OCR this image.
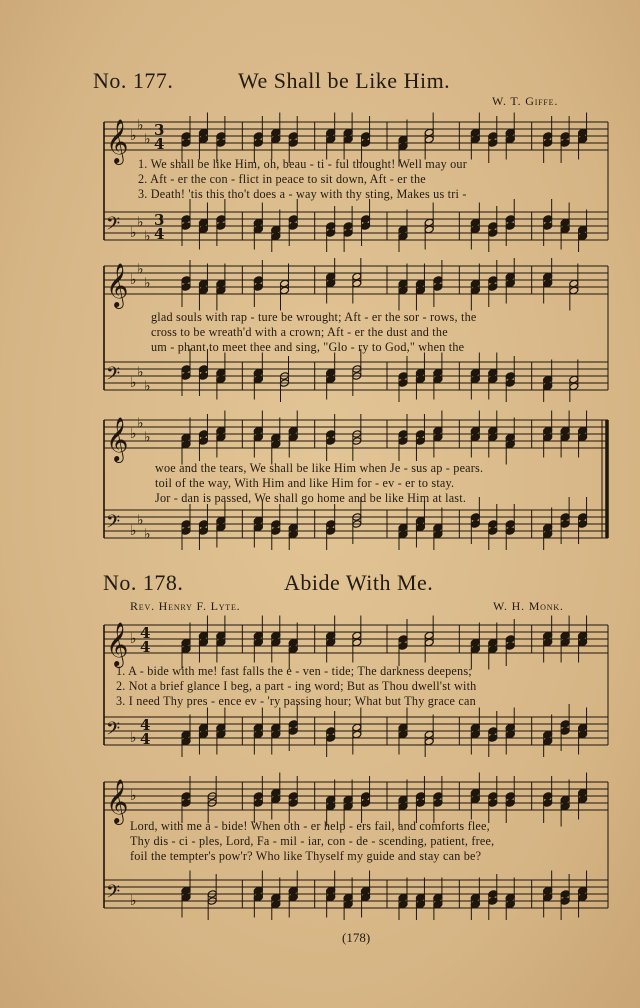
No. 177.	We Shall be Like Him.
W. T. Giffe.
𝄞 ♭
♭
♭
3
4
𝄢 ♭
♭
♭
3
4
1. We shall be like Him, oh, beau - ti - ful thought! Well may our
2. Aft - er the con - flict in peace to sit down, Aft - er the
3. Death! 'tis this tho't does a - way with thy sting, Makes us tri -
𝄞 ♭
♭
♭
𝄢 ♭
♭
♭
glad souls with rap - ture be wrought; Aft - er the sor - rows, the
cross to be wreath'd with a crown; Aft - er the dust and the
um - phant to meet thee and sing, "Glo - ry to God," when the
𝄞 ♭
♭
♭
𝄢 ♭
♭
♭
woe and the tears, We shall be like Him when Je - sus ap - pears.
toil of the way, With Him and like Him for - ev - er to stay.
Jor - dan is passed, We shall go home and be like Him at last.
No. 178.	Abide With Me.
Rev. Henry F. Lyte.	W. H. Monk.
𝄞 ♭ 4
4
𝄢 ♭
4
4
1. A - bide with me! fast falls the e - ven - tide; The darkness deepens;
2. Not a brief glance I beg, a part - ing word; But as Thou dwell'st with
3. I need Thy pres - ence ev - 'ry passing hour; What but Thy grace can
𝄞 ♭
𝄢 ♭
Lord, with me a - bide! When oth - er help - ers fail, and comforts flee,
Thy dis - ci - ples, Lord, Fa - mil - iar, con - de - scending, patient, free,
foil the tempter's pow'r? Who like Thyself my guide and stay can be?
(178)
